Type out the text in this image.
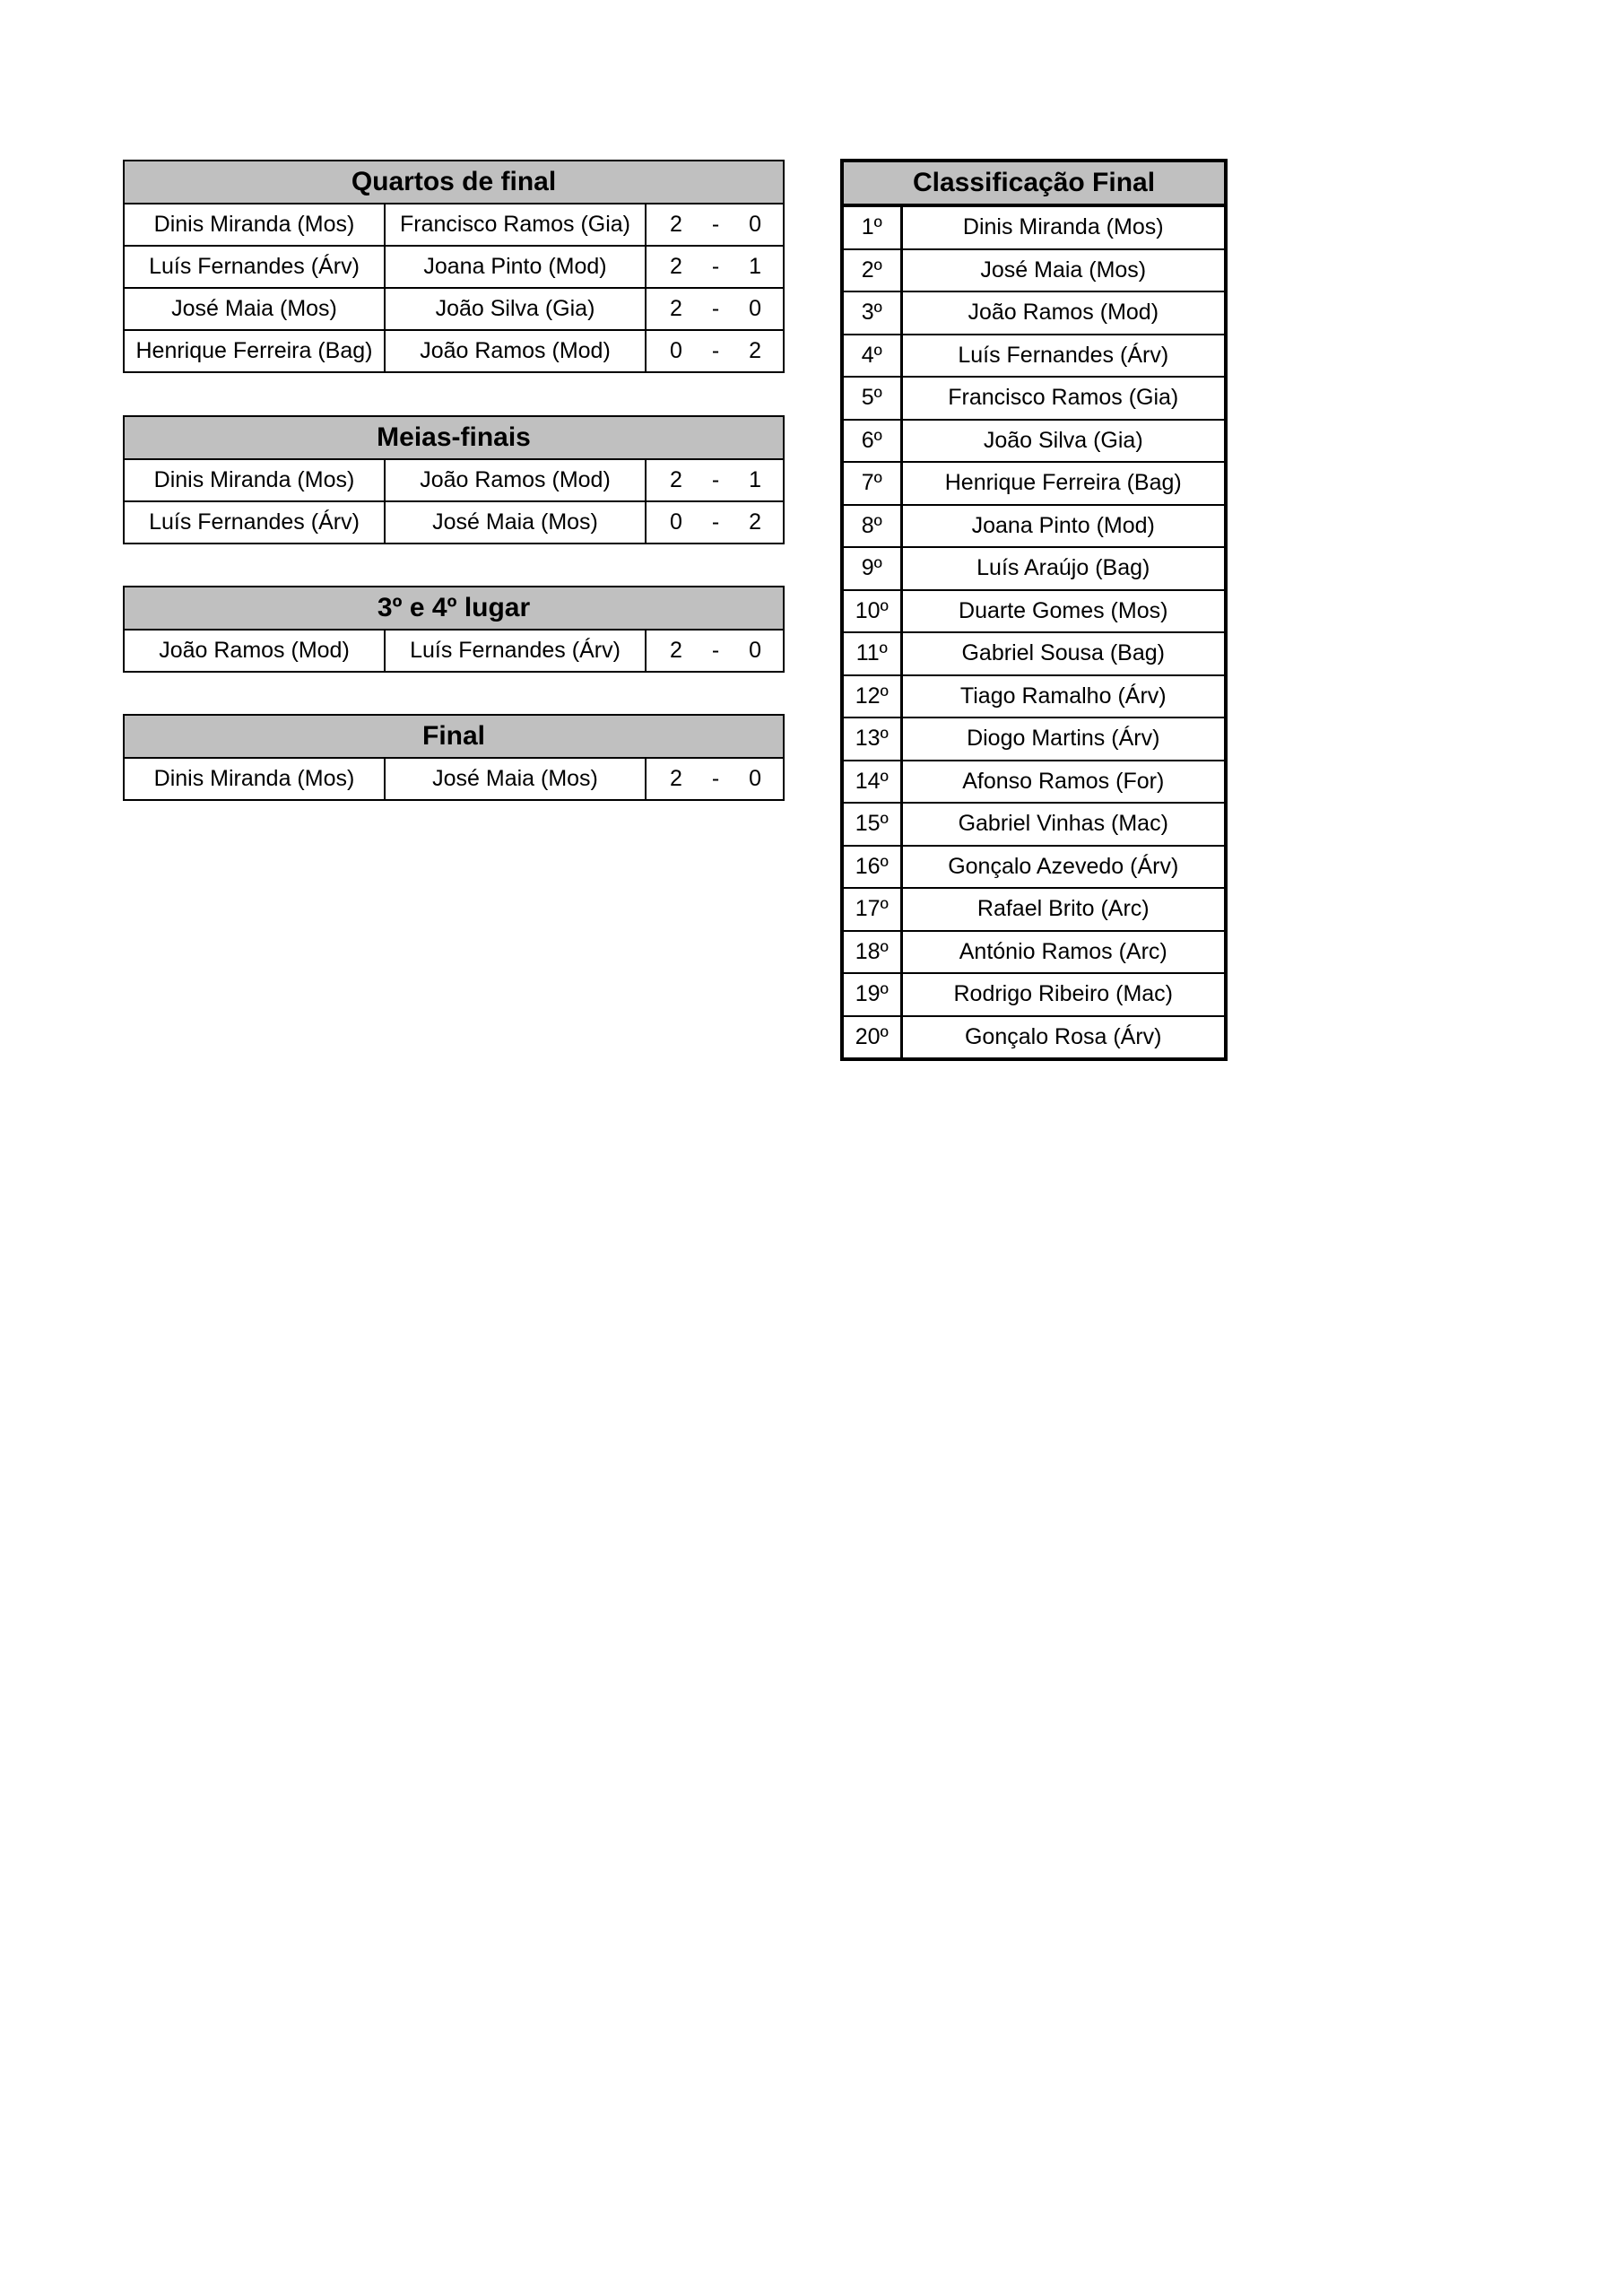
Quartos de final		
Dinis Miranda (Mos)	Francisco Ramos (Gia)	2 - 0

Luís Fernandes (Árv)	Joana Pinto (Mod)	2 - 1

José Maia (Mos)	João Silva (Gia)	2 - 0

Henrique Ferreira (Bag)	João Ramos (Mod)	0 - 2
Meias-finais		
Dinis Miranda (Mos)	João Ramos (Mod)	2 - 1

Luís Fernandes (Árv)	José Maia (Mos)	0 - 2
3º e 4º lugar
João Ramos (Mod)	Luís Fernandes (Árv)	2 - 0
Final
Dinis Miranda (Mos)	José Maia (Mos)	2 - 0
Classificação Final	
1º	Dinis Miranda (Mos)
2º	José Maia (Mos)
3º	João Ramos (Mod)
4º	Luís Fernandes (Árv)
5º	Francisco Ramos (Gia)
6º	João Silva (Gia)
7º	Henrique Ferreira (Bag)
8º	Joana Pinto (Mod)
9º	Luís Araújo (Bag)
10º	Duarte Gomes (Mos)
11º	Gabriel Sousa (Bag)
12º	Tiago Ramalho (Árv)
13º	Diogo Martins (Árv)
14º	Afonso Ramos (For)
15º	Gabriel Vinhas (Mac)
16º	Gonçalo Azevedo (Árv)
17º	Rafael Brito (Arc)
18º	António Ramos (Arc)
19º	Rodrigo Ribeiro (Mac)
20º	Gonçalo Rosa (Árv)
